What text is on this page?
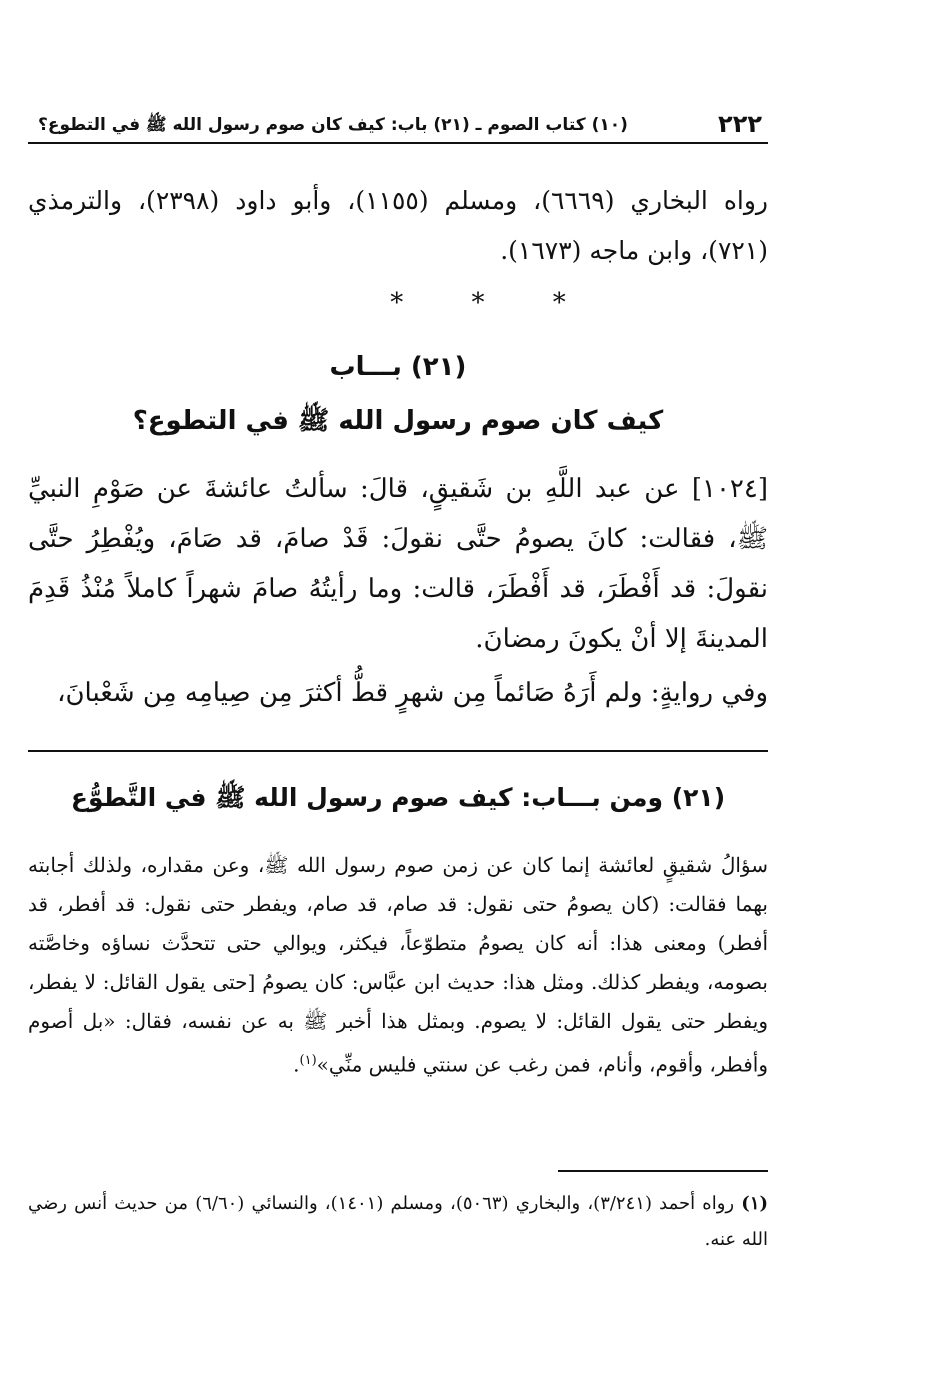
٢٢٢
(١٠) كتاب الصوم ـ (٢١) باب: كيف كان صوم رسول الله ﷺ في التطوع؟
رواه البخاري (٦٦٦٩)، ومسلم (١١٥٥)، وأبو داود (٢٣٩٨)، والترمذي (٧٢١)، وابن ماجه (١٦٧٣).
* * *
(٢١) بـــاب
كيف كان صوم رسول الله ﷺ في التطوع؟
[١٠٢٤] عن عبد اللَّهِ بن شَقيقٍ، قالَ: سألتُ عائشةَ عن صَوْمِ النبيِّ ﷺ، فقالت: كانَ يصومُ حتَّى نقولَ: قَدْ صامَ، قد صَامَ، ويُفْطِرُ حتَّى نقولَ: قد أَفْطَرَ، قد أَفْطَرَ، قالت: وما رأيتُهُ صامَ شهراً كاملاً مُنْذُ قَدِمَ المدينةَ إلا أنْ يكونَ رمضانَ.
وفي روايةٍ: ولم أَرَهُ صَائماً مِن شهرٍ قطُّ أكثرَ مِن صِيامِه مِن شَعْبانَ،
(٢١) ومن بـــاب: كيف صوم رسول الله ﷺ في التَّطوُّع
سؤالُ شقيقٍ لعائشة إنما كان عن زمن صوم رسول الله ﷺ، وعن مقداره، ولذلك أجابته بهما فقالت: (كان يصومُ حتى نقول: قد صام، قد صام، ويفطر حتى نقول: قد أفطر، قد أفطر) ومعنى هذا: أنه كان يصومُ متطوّعاً، فيكثر، ويوالي حتى تتحدَّث نساؤه وخاصَّته بصومه، ويفطر كذلك. ومثل هذا: حديث ابن عبَّاس: كان يصومُ [حتى يقول القائل: لا يفطر، ويفطر حتى يقول القائل: لا يصوم. وبمثل هذا أخبر ﷺ به عن نفسه، فقال: «بل أصوم وأفطر، وأقوم، وأنام، فمن رغب عن سنتي فليس منِّي»$^{(١)}$.
(١) رواه أحمد (٣/٢٤١)، والبخاري (٥٠٦٣)، ومسلم (١٤٠١)، والنسائي (٦/٦٠) من حديث أنس رضي الله عنه.
